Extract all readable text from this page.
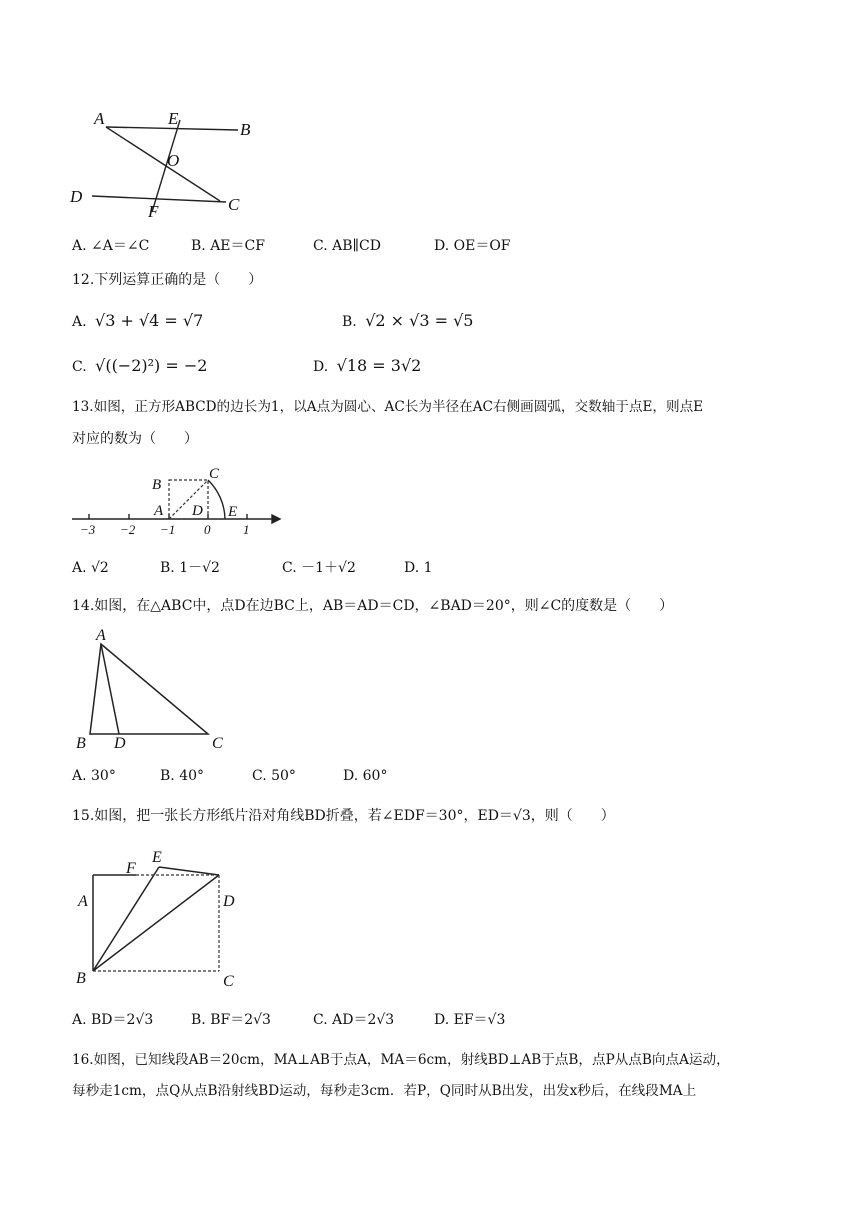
A	E
B
O
D
F	C
A. ∠A＝∠C	B. AE＝CF	C. AB∥CD	D. OE＝OF
12.下列运算正确的是（　　）
A. √3 + √4 = √7	B. √2 × √3 = √5
C. √((−2)²) = −2	D. √18 = 3√2
13.如图，正方形ABCD的边长为1，以A点为圆心、AC长为半径在AC右侧画圆弧，交数轴于点E，则点E
对应的数为（　　）
C
B
A D E
−3 −2 −1 0	1
A. √2	B. 1－√2	C. －1＋√2	D. 1
14.如图，在△ABC中，点D在边BC上，AB＝AD＝CD，∠BAD＝20°，则∠C的度数是（　　）
A
B D	C
A. 30°	B. 40°	C. 50°	D. 60°
15.如图，把一张长方形纸片沿对角线BD折叠，若∠EDF＝30°，ED＝√3，则（　　）
E
A
F
D
B	C
A. BD＝2√3	B. BF＝2√3	C. AD＝2√3	D. EF＝√3
16.如图，已知线段AB＝20cm，MA⊥AB于点A，MA＝6cm，射线BD⊥AB于点B，点P从点B向点A运动，
每秒走1cm，点Q从点B沿射线BD运动，每秒走3cm．若P，Q同时从B出发，出发x秒后，在线段MA上
